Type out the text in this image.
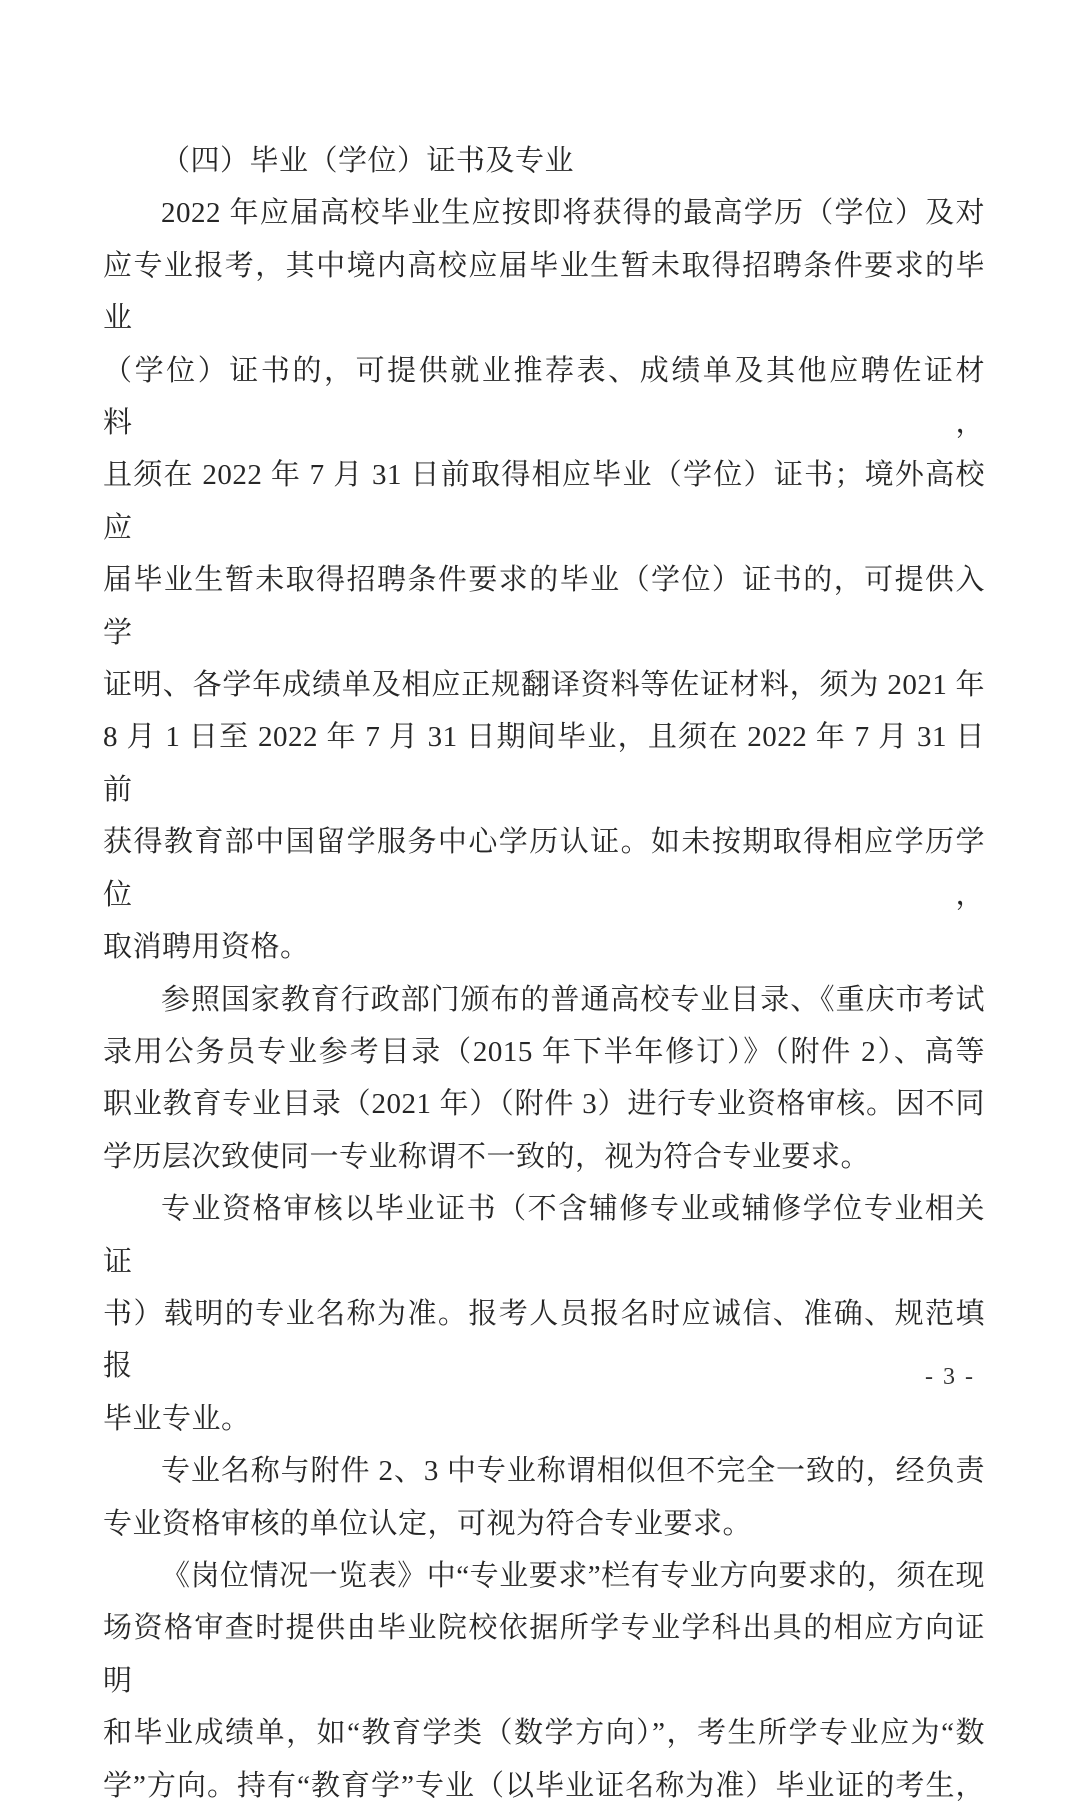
（四）毕业（学位）证书及专业
2022 年应届高校毕业生应按即将获得的最高学历（学位）及对
应专业报考，其中境内高校应届毕业生暂未取得招聘条件要求的毕业
（学位）证书的，可提供就业推荐表、成绩单及其他应聘佐证材料，
且须在 2022 年 7 月 31 日前取得相应毕业（学位）证书；境外高校应
届毕业生暂未取得招聘条件要求的毕业（学位）证书的，可提供入学
证明、各学年成绩单及相应正规翻译资料等佐证材料，须为 2021 年
8 月 1 日至 2022 年 7 月 31 日期间毕业，且须在 2022 年 7 月 31 日前
获得教育部中国留学服务中心学历认证。如未按期取得相应学历学位，
取消聘用资格。
参照国家教育行政部门颁布的普通高校专业目录、《重庆市考试
录用公务员专业参考目录（2015 年下半年修订）》（附件 2）、高等
职业教育专业目录（2021 年）（附件 3）进行专业资格审核。因不同
学历层次致使同一专业称谓不一致的，视为符合专业要求。
专业资格审核以毕业证书（不含辅修专业或辅修学位专业相关证
书）载明的专业名称为准。报考人员报名时应诚信、准确、规范填报
毕业专业。
专业名称与附件 2、3 中专业称谓相似但不完全一致的，经负责
专业资格审核的单位认定，可视为符合专业要求。
《岗位情况一览表》中“专业要求”栏有专业方向要求的，须在现
场资格审查时提供由毕业院校依据所学专业学科出具的相应方向证明
和毕业成绩单，如“教育学类（数学方向）”，考生所学专业应为“数
学”方向。持有“教育学”专业（以毕业证名称为准）毕业证的考生，
- 3 -
